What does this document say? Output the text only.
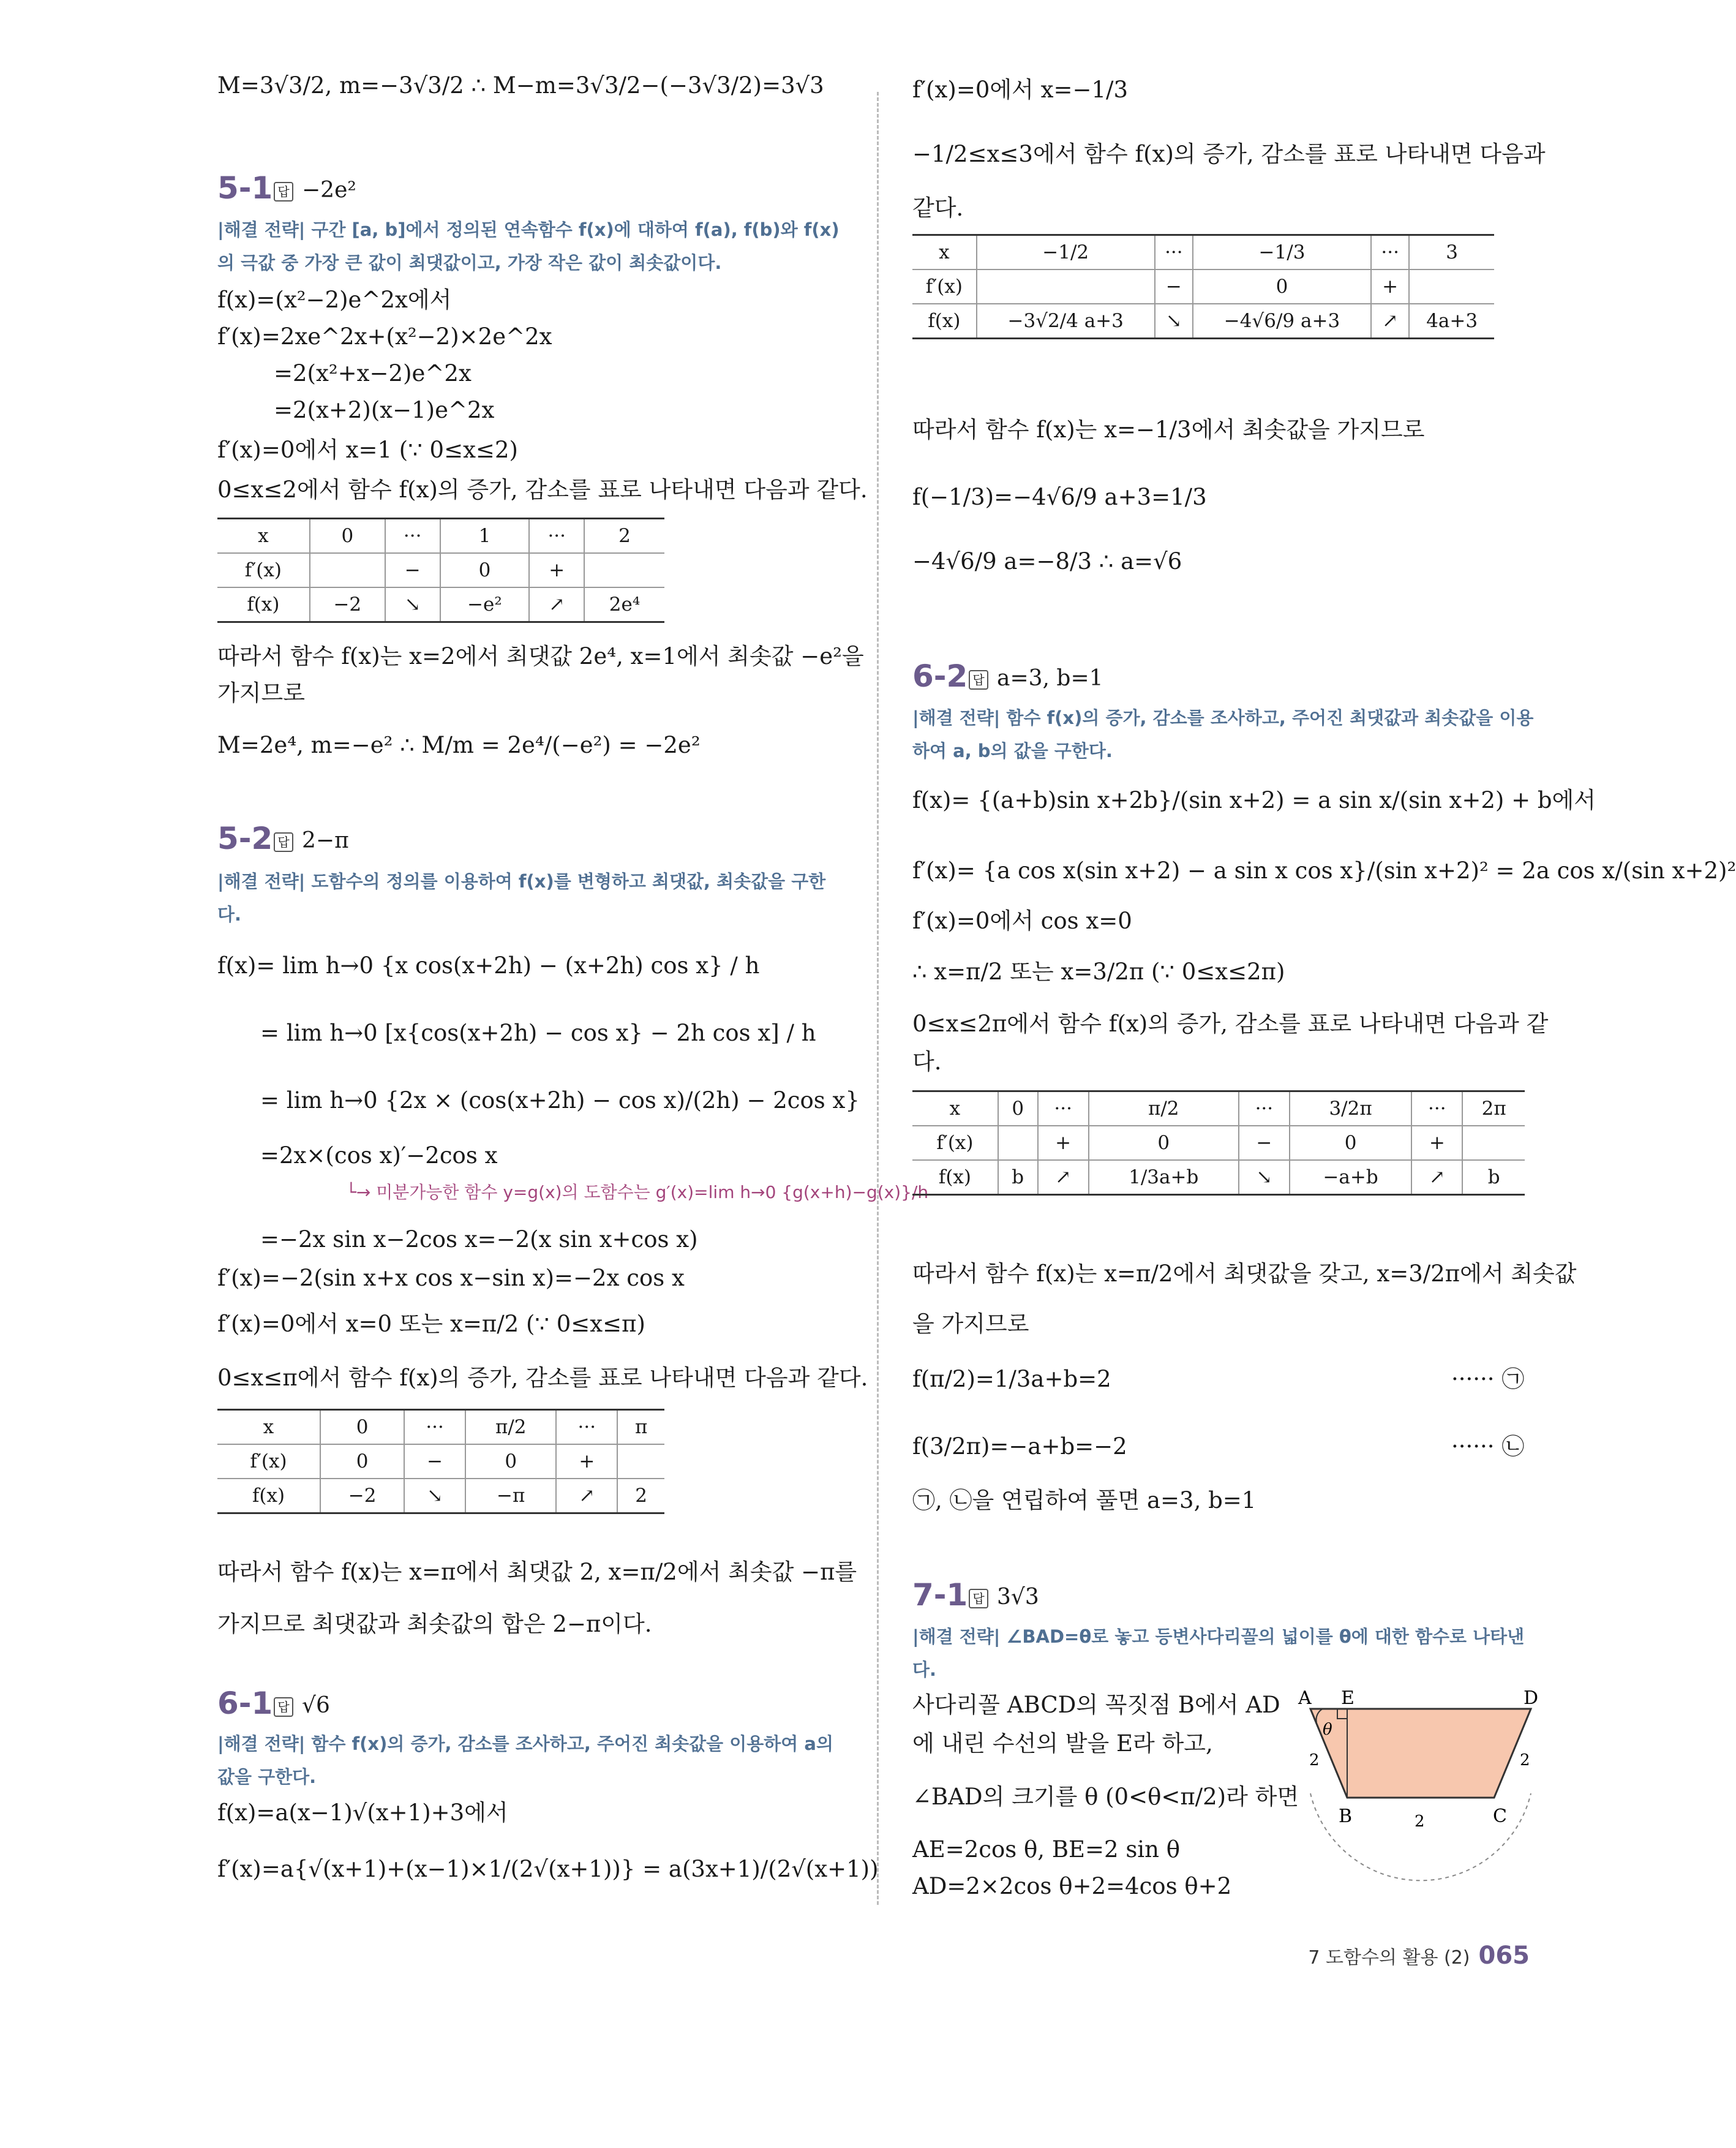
M=3√3/2, m=−3√3/2 ∴ M−m=3√3/2−(−3√3/2)=3√3
5-1 답 −2e²
|해결 전략| 구간 [a, b]에서 정의된 연속함수 f(x)에 대하여 f(a), f(b)와 f(x)의 극값 중 가장 큰 값이 최댓값이고, 가장 작은 값이 최솟값이다.
f(x)=(x²−2)e^2x에서
f′(x)=2xe^2x+(x²−2)×2e^2x
=2(x²+x−2)e^2x
=2(x+2)(x−1)e^2x
f′(x)=0에서 x=1 (∵ 0≤x≤2)
0≤x≤2에서 함수 f(x)의 증가, 감소를 표로 나타내면 다음과 같다.
x	0	···	1	···	2
f′(x)		−	0	+	
f(x)	−2	↘	−e²	↗	2e⁴
따라서 함수 f(x)는 x=2에서 최댓값 2e⁴, x=1에서 최솟값 −e²을
가지므로
M=2e⁴, m=−e² ∴ M/m = 2e⁴/(−e²) = −2e²
5-2 답 2−π
|해결 전략| 도함수의 정의를 이용하여 f(x)를 변형하고 최댓값, 최솟값을 구한다.
f(x)= lim h→0 {x cos(x+2h) − (x+2h) cos x} / h
= lim h→0 [x{cos(x+2h) − cos x} − 2h cos x] / h
= lim h→0 {2x × (cos(x+2h) − cos x)/(2h) − 2cos x}
=2x×(cos x)′−2cos x
└→ 미분가능한 함수 y=g(x)의 도함수는 g′(x)=lim h→0 {g(x+h)−g(x)}/h
=−2x sin x−2cos x=−2(x sin x+cos x)
f′(x)=−2(sin x+x cos x−sin x)=−2x cos x
f′(x)=0에서 x=0 또는 x=π/2 (∵ 0≤x≤π)
0≤x≤π에서 함수 f(x)의 증가, 감소를 표로 나타내면 다음과 같다.
x	0	···	π/2	···	π
f′(x)	0	−	0	+	
f(x)	−2	↘	−π	↗	2
따라서 함수 f(x)는 x=π에서 최댓값 2, x=π/2에서 최솟값 −π를
가지므로 최댓값과 최솟값의 합은 2−π이다.
6-1 답 √6
|해결 전략| 함수 f(x)의 증가, 감소를 조사하고, 주어진 최솟값을 이용하여 a의 값을 구한다.
f(x)=a(x−1)√(x+1)+3에서
f′(x)=a{√(x+1)+(x−1)×1/(2√(x+1))} = a(3x+1)/(2√(x+1))
f′(x)=0에서 x=−1/3
−1/2≤x≤3에서 함수 f(x)의 증가, 감소를 표로 나타내면 다음과
같다.
x	−1/2	···	−1/3	···	3
f′(x)		−	0	+	
f(x)	−3√2/4 a+3	↘	−4√6/9 a+3	↗	4a+3
따라서 함수 f(x)는 x=−1/3에서 최솟값을 가지므로
f(−1/3)=−4√6/9 a+3=1/3
−4√6/9 a=−8/3 ∴ a=√6
6-2 답 a=3, b=1
|해결 전략| 함수 f(x)의 증가, 감소를 조사하고, 주어진 최댓값과 최솟값을 이용하여 a, b의 값을 구한다.
f(x)= {(a+b)sin x+2b}/(sin x+2) = a sin x/(sin x+2) + b에서
f′(x)= {a cos x(sin x+2) − a sin x cos x}/(sin x+2)² = 2a cos x/(sin x+2)²
f′(x)=0에서 cos x=0
∴ x=π/2 또는 x=3/2π (∵ 0≤x≤2π)
0≤x≤2π에서 함수 f(x)의 증가, 감소를 표로 나타내면 다음과 같
다.
x	0	···	π/2	···	3/2π	···	2π
f′(x)		+	0	−	0	+	
f(x)	b	↗	1/3a+b	↘	−a+b	↗	b
따라서 함수 f(x)는 x=π/2에서 최댓값을 갖고, x=3/2π에서 최솟값
을 가지므로
f(π/2)=1/3a+b=2	······ ㉠
f(3/2π)=−a+b=−2	······ ㉡
㉠, ㉡을 연립하여 풀면 a=3, b=1
7-1 답 3√3
|해결 전략| ∠BAD=θ로 놓고 등변사다리꼴의 넓이를 θ에 대한 함수로 나타낸다.
사다리꼴 ABCD의 꼭짓점 B에서 AD
에 내린 수선의 발을 E라 하고,
∠BAD의 크기를 θ (0<θ<π/2)라 하면
AE=2cos θ, BE=2 sin θ
AD=2×2cos θ+2=4cos θ+2
A E	D
B	C
θ
2
2
2
7 도함수의 활용 (2) 065
